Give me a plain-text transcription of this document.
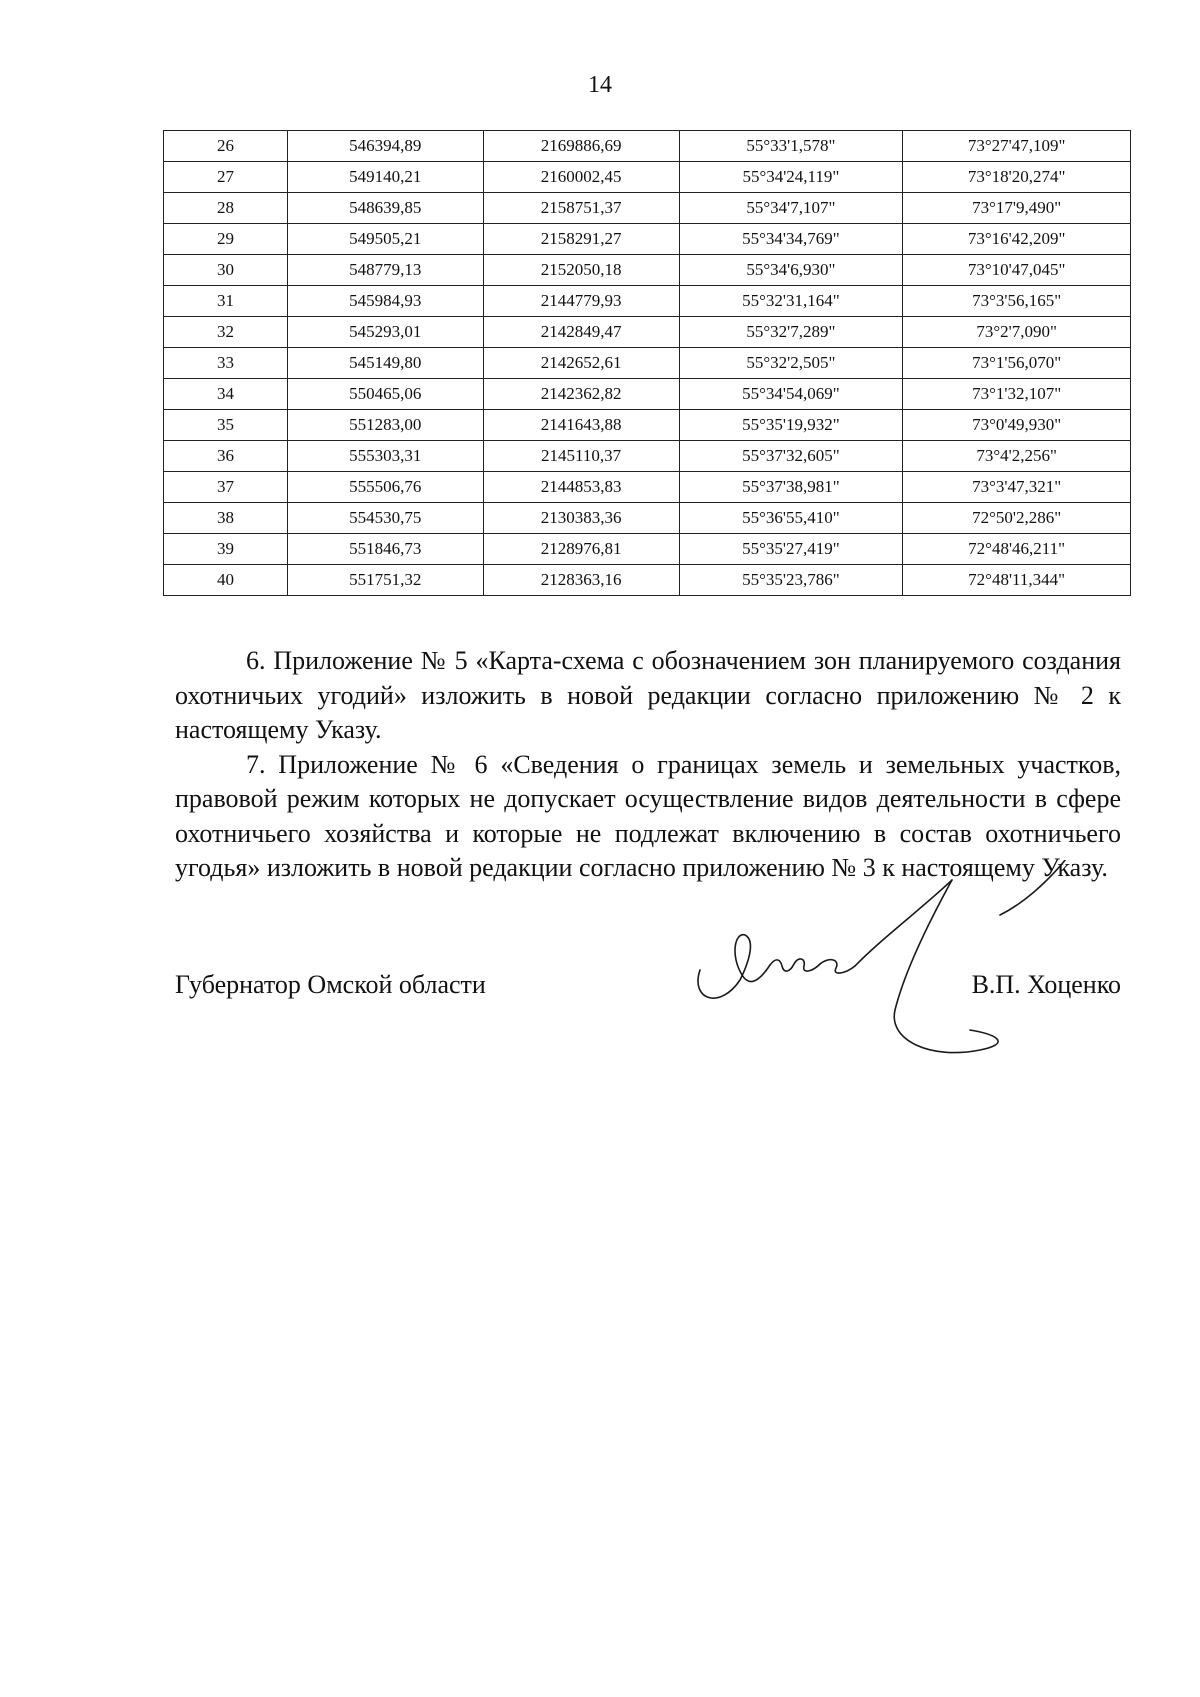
14
26	546394,89	2169886,69	55°33'1,578"	73°27'47,109"
27	549140,21	2160002,45	55°34'24,119"	73°18'20,274"
28	548639,85	2158751,37	55°34'7,107"	73°17'9,490"
29	549505,21	2158291,27	55°34'34,769"	73°16'42,209"
30	548779,13	2152050,18	55°34'6,930"	73°10'47,045"
31	545984,93	2144779,93	55°32'31,164"	73°3'56,165"
32	545293,01	2142849,47	55°32'7,289"	73°2'7,090"
33	545149,80	2142652,61	55°32'2,505"	73°1'56,070"
34	550465,06	2142362,82	55°34'54,069"	73°1'32,107"
35	551283,00	2141643,88	55°35'19,932"	73°0'49,930"
36	555303,31	2145110,37	55°37'32,605"	73°4'2,256"
37	555506,76	2144853,83	55°37'38,981"	73°3'47,321"
38	554530,75	2130383,36	55°36'55,410"	72°50'2,286"
39	551846,73	2128976,81	55°35'27,419"	72°48'46,211"
40	551751,32	2128363,16	55°35'23,786"	72°48'11,344"

6. Приложение № 5 «Карта-схема с обозначением зон планируемого создания охотничьих угодий» изложить в новой редакции согласно приложению № 2 к настоящему Указу.

7. Приложение № 6 «Сведения о границах земель и земельных участков, правовой режим которых не допускает осуществление видов деятельности в сфере охотничьего хозяйства и которые не подлежат включению в состав охотничьего угодья» изложить в новой редакции согласно приложению № 3 к настоящему Указу.

Губернатор Омской области	В.П. Хоценко
